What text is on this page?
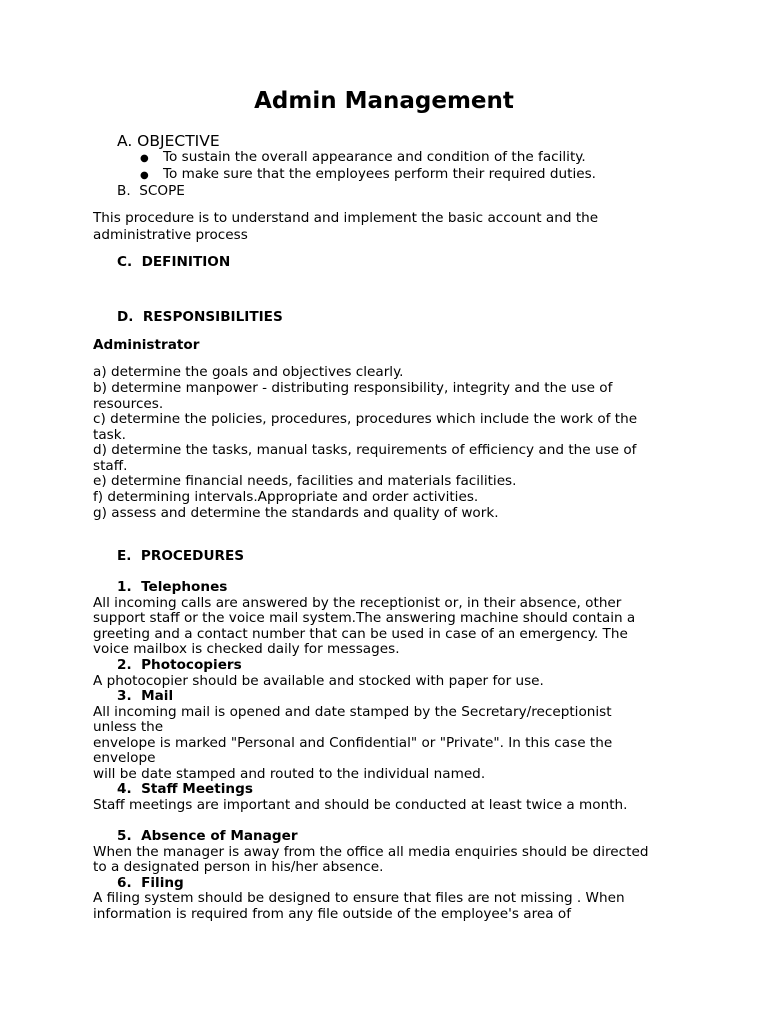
Admin Management
A. OBJECTIVE
● To sustain the overall appearance and condition of the facility.
● To make sure that the employees perform their required duties.
B.  SCOPE
This procedure is to understand and implement the basic account and the
administrative process
C.  DEFINITION
D.  RESPONSIBILITIES
Administrator
a) determine the goals and objectives clearly.
b) determine manpower - distributing responsibility, integrity and the use of
resources.
c) determine the policies, procedures, procedures which include the work of the
task.
d) determine the tasks, manual tasks, requirements of efficiency and the use of
staff.
e) determine financial needs, facilities and materials facilities.
f) determining intervals.Appropriate and order activities.
g) assess and determine the standards and quality of work.
E.  PROCEDURES
1.  Telephones
All incoming calls are answered by the receptionist or, in their absence, other
support staff or the voice mail system.The answering machine should contain a
greeting and a contact number that can be used in case of an emergency. The
voice mailbox is checked daily for messages.
2.  Photocopiers
A photocopier should be available and stocked with paper for use.
3.  Mail
All incoming mail is opened and date stamped by the Secretary/receptionist
unless the
envelope is marked "Personal and Confidential" or "Private". In this case the
envelope
will be date stamped and routed to the individual named.
4.  Staff Meetings
Staff meetings are important and should be conducted at least twice a month.
5.  Absence of Manager
When the manager is away from the office all media enquiries should be directed
to a designated person in his/her absence.
6.  Filing
A filing system should be designed to ensure that files are not missing . When
information is required from any file outside of the employee's area of
